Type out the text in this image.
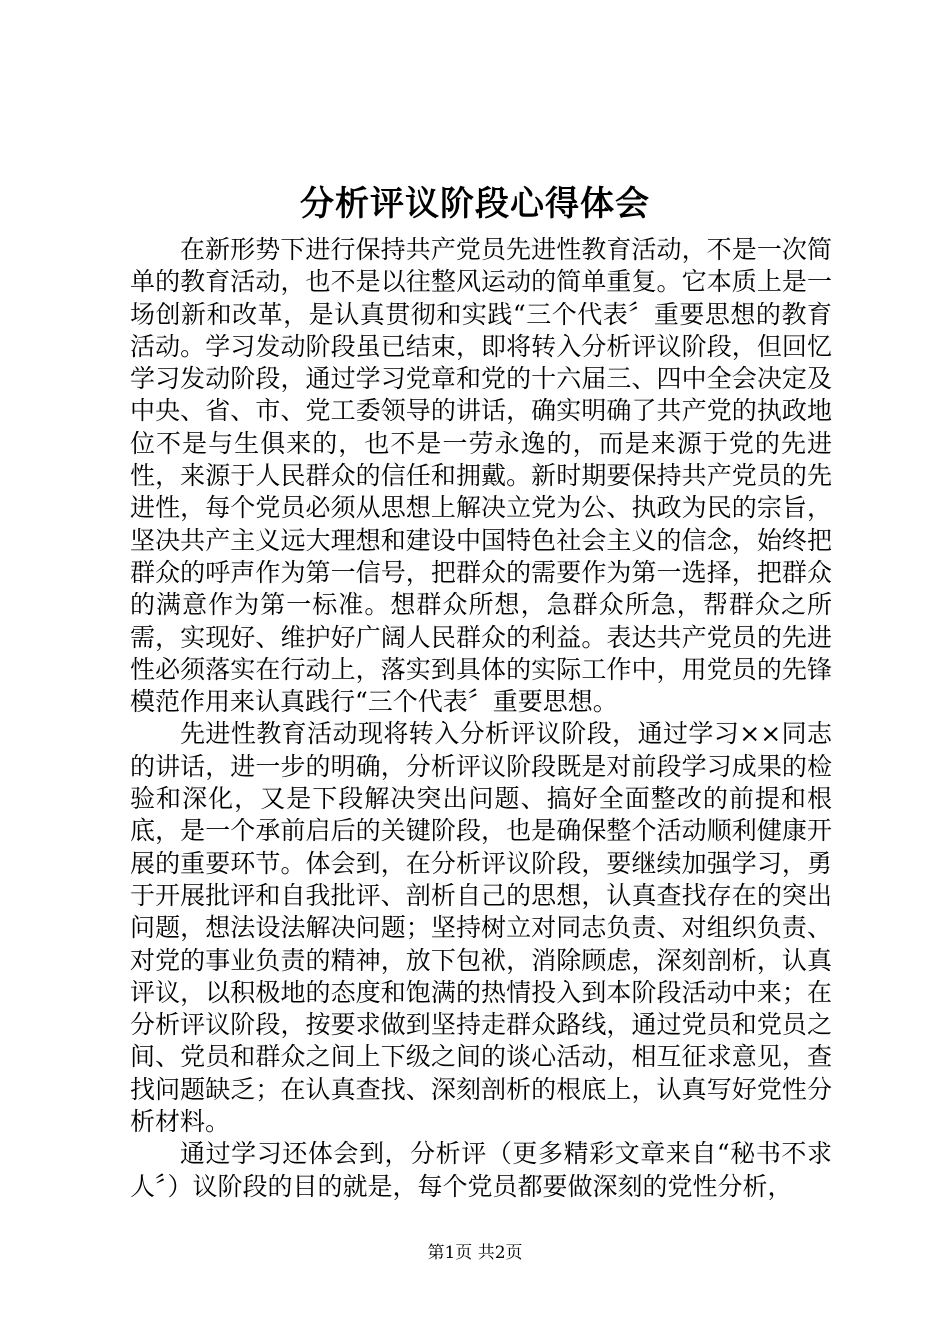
分析评议阶段心得体会

在新形势下进行保持共产党员先进性教育活动，不是一次简单的教育活动，也不是以往整风运动的简单重复。它本质上是一场创新和改革，是认真贯彻和实践“三个代表〞重要思想的教育活动。学习发动阶段虽已结束，即将转入分析评议阶段，但回忆学习发动阶段，通过学习党章和党的十六届三、四中全会决定及中央、省、市、党工委领导的讲话，确实明确了共产党的执政地位不是与生俱来的，也不是一劳永逸的，而是来源于党的先进性，来源于人民群众的信任和拥戴。新时期要保持共产党员的先进性，每个党员必须从思想上解决立党为公、执政为民的宗旨，坚决共产主义远大理想和建设中国特色社会主义的信念，始终把群众的呼声作为第一信号，把群众的需要作为第一选择，把群众的满意作为第一标准。想群众所想，急群众所急，帮群众之所需，实现好、维护好广阔人民群众的利益。表达共产党员的先进性必须落实在行动上，落实到具体的实际工作中，用党员的先锋模范作用来认真践行“三个代表〞重要思想。

先进性教育活动现将转入分析评议阶段，通过学习××同志的讲话，进一步的明确，分析评议阶段既是对前段学习成果的检验和深化，又是下段解决突出问题、搞好全面整改的前提和根底，是一个承前启后的关键阶段，也是确保整个活动顺利健康开展的重要环节。体会到，在分析评议阶段，要继续加强学习，勇于开展批评和自我批评、剖析自己的思想，认真查找存在的突出问题，想法设法解决问题；坚持树立对同志负责、对组织负责、对党的事业负责的精神，放下包袱，消除顾虑，深刻剖析，认真评议，以积极地的态度和饱满的热情投入到本阶段活动中来；在分析评议阶段，按要求做到坚持走群众路线，通过党员和党员之间、党员和群众之间上下级之间的谈心活动，相互征求意见，查找问题缺乏；在认真查找、深刻剖析的根底上，认真写好党性分析材料。

通过学习还体会到，分析评（更多精彩文章来自“秘书不求人〞）议阶段的目的就是，每个党员都要做深刻的党性分析，

第1页 共2页
